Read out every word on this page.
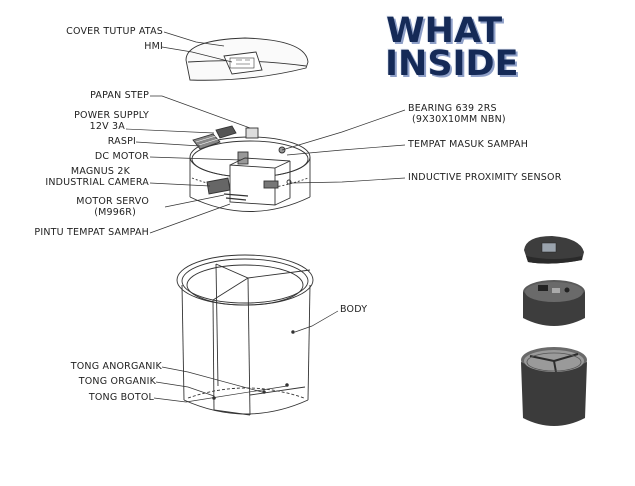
WHAT
INSIDE
COVER TUTUP ATAS
HMI
PAPAN STEP
POWER SUPPLY
12V 3A
RASPI
DC MOTOR
MAGNUS 2K
INDUSTRIAL CAMERA
MOTOR SERVO
(M996R)
PINTU TEMPAT SAMPAH
BEARING 639 2RS
(9X30X10MM NBN)
TEMPAT MASUK SAMPAH
INDUCTIVE PROXIMITY SENSOR
BODY
TONG ANORGANIK
TONG ORGANIK
TONG BOTOL
